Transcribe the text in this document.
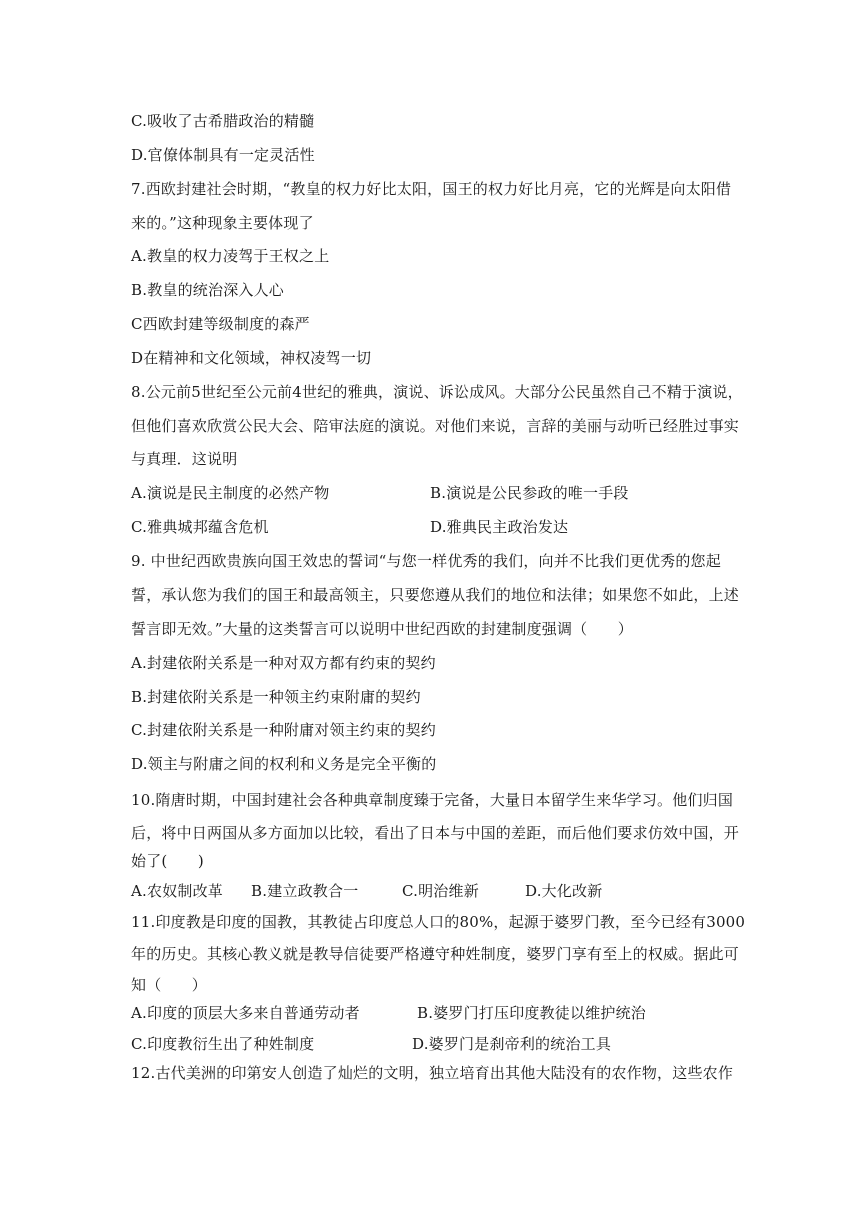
C.吸收了古希腊政治的精髓
D.官僚体制具有一定灵活性
7.西欧封建社会时期，“教皇的权力好比太阳，国王的权力好比月亮，它的光辉是向太阳借
来的。”这种现象主要体现了
A.教皇的权力凌驾于王权之上
B.教皇的统治深入人心
C西欧封建等级制度的森严
D在精神和文化领域，神权凌驾一切
8.公元前5世纪至公元前4世纪的雅典，演说、诉讼成风。大部分公民虽然自己不精于演说，
但他们喜欢欣赏公民大会、陪审法庭的演说。对他们来说，言辞的美丽与动听已经胜过事实
与真理．这说明
A.演说是民主制度的必然产物	B.演说是公民参政的唯一手段
C.雅典城邦蕴含危机	D.雅典民主政治发达
9. 中世纪西欧贵族向国王效忠的誓词“与您一样优秀的我们，向并不比我们更优秀的您起
誓，承认您为我们的国王和最高领主，只要您遵从我们的地位和法律；如果您不如此，上述
誓言即无效。”大量的这类誓言可以说明中世纪西欧的封建制度强调（　　）
A.封建依附关系是一种对双方都有约束的契约
B.封建依附关系是一种领主约束附庸的契约
C.封建依附关系是一种附庸对领主约束的契约
D.领主与附庸之间的权利和义务是完全平衡的
10.隋唐时期，中国封建社会各种典章制度臻于完备，大量日本留学生来华学习。他们归国
后，将中日两国从多方面加以比较，看出了日本与中国的差距，而后他们要求仿效中国，开
始了(　　)
A.农奴制改革 B.建立政教合一	C.明治维新	D.大化改新
11.印度教是印度的国教，其教徒占印度总人口的80%，起源于婆罗门教，至今已经有3000
年的历史。其核心教义就是教导信徒要严格遵守种姓制度，婆罗门享有至上的权威。据此可
知（　　）
A.印度的顶层大多来自普通劳动者	B.婆罗门打压印度教徒以维护统治
C.印度教衍生出了种姓制度	D.婆罗门是刹帝利的统治工具
12.古代美洲的印第安人创造了灿烂的文明，独立培育出其他大陆没有的农作物，这些农作
